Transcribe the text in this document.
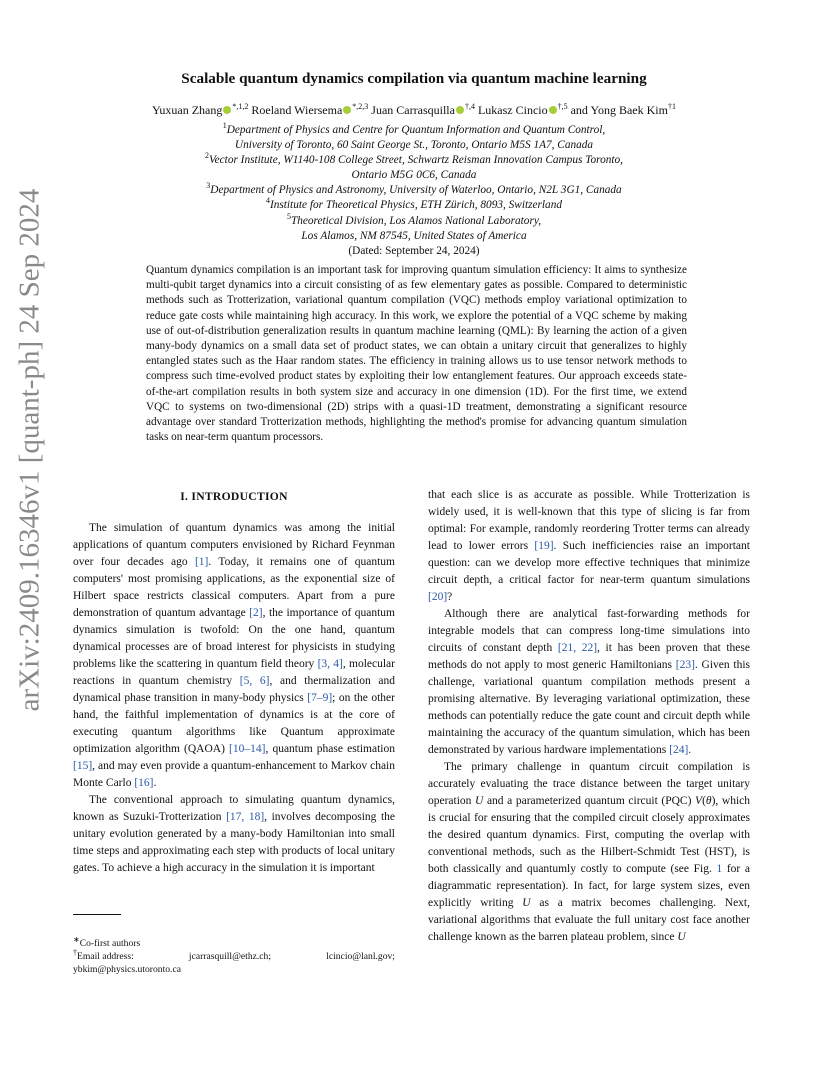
arXiv:2409.16346v1 [quant-ph] 24 Sep 2024
Scalable quantum dynamics compilation via quantum machine learning
Yuxuan Zhang $^{*,1,2}$ Roeland Wiersema $^{*,2,3}$ Juan Carrasquilla $^{\dagger,4}$ Lukasz Cincio $^{\dagger,5}$ and Yong Baek Kim$^{\dagger 1}$
$^1$Department of Physics and Centre for Quantum Information and Quantum Control,
University of Toronto, 60 Saint George St., Toronto, Ontario M5S 1A7, Canada
$^2$Vector Institute, W1140-108 College Street, Schwartz Reisman Innovation Campus Toronto,
Ontario M5G 0C6, Canada
$^3$Department of Physics and Astronomy, University of Waterloo, Ontario, N2L 3G1, Canada
$^4$Institute for Theoretical Physics, ETH Zürich, 8093, Switzerland
$^5$Theoretical Division, Los Alamos National Laboratory,
Los Alamos, NM 87545, United States of America
(Dated: September 24, 2024)
Quantum dynamics compilation is an important task for improving quantum simulation efficiency: It aims to synthesize multi-qubit target dynamics into a circuit consisting of as few elementary gates as possible. Compared to deterministic methods such as Trotterization, variational quantum compilation (VQC) methods employ variational optimization to reduce gate costs while maintaining high accuracy. In this work, we explore the potential of a VQC scheme by making use of out-of-distribution generalization results in quantum machine learning (QML): By learning the action of a given many-body dynamics on a small data set of product states, we can obtain a unitary circuit that generalizes to highly entangled states such as the Haar random states. The efficiency in training allows us to use tensor network methods to compress such time-evolved product states by exploiting their low entanglement features. Our approach exceeds state-of-the-art compilation results in both system size and accuracy in one dimension (1D). For the first time, we extend VQC to systems on two-dimensional (2D) strips with a quasi-1D treatment, demonstrating a significant resource advantage over standard Trotterization methods, highlighting the method's promise for advancing quantum simulation tasks on near-term quantum processors.
I. INTRODUCTION

The simulation of quantum dynamics was among the initial applications of quantum computers envisioned by Richard Feynman over four decades ago [1]. Today, it remains one of quantum computers' most promising applications, as the exponential size of Hilbert space restricts classical computers. Apart from a pure demonstration of quantum advantage [2], the importance of quantum dynamics simulation is twofold: On the one hand, quantum dynamical processes are of broad interest for physicists in studying problems like the scattering in quantum field theory [3, 4], molecular reactions in quantum chemistry [5, 6], and thermalization and dynamical phase transition in many-body physics [7–9]; on the other hand, the faithful implementation of dynamics is at the core of executing quantum algorithms like Quantum approximate optimization algorithm (QAOA) [10–14], quantum phase estimation [15], and may even provide a quantum-enhancement to Markov chain Monte Carlo [16].

The conventional approach to simulating quantum dynamics, known as Suzuki-Trotterization [17, 18], involves decomposing the unitary evolution generated by a many-body Hamiltonian into small time steps and approximating each step with products of local unitary gates. To achieve a high accuracy in the simulation it is important

that each slice is as accurate as possible. While Trotterization is widely used, it is well-known that this type of slicing is far from optimal: For example, randomly reordering Trotter terms can already lead to lower errors [19]. Such inefficiencies raise an important question: can we develop more effective techniques that minimize circuit depth, a critical factor for near-term quantum simulations [20]?

Although there are analytical fast-forwarding methods for integrable models that can compress long-time simulations into circuits of constant depth [21, 22], it has been proven that these methods do not apply to most generic Hamiltonians [23]. Given this challenge, variational quantum compilation methods present a promising alternative. By leveraging variational optimization, these methods can potentially reduce the gate count and circuit depth while maintaining the accuracy of the quantum simulation, which has been demonstrated by various hardware implementations [24].

The primary challenge in quantum circuit compilation is accurately evaluating the trace distance between the target unitary operation U and a parameterized quantum circuit (PQC) V(θ), which is crucial for ensuring that the compiled circuit closely approximates the desired quantum dynamics. First, computing the overlap with conventional methods, such as the Hilbert-Schmidt Test (HST), is both classically and quantumly costly to compute (see Fig. 1 for a diagrammatic representation). In fact, for large system sizes, even explicitly writing U as a matrix becomes challenging. Next, variational algorithms that evaluate the full unitary cost face another challenge known as the barren plateau problem, since U

∗Co-first authors
†Email address:	jcarrasquill@ethz.ch;	lcincio@lanl.gov;
ybkim@physics.utoronto.ca
